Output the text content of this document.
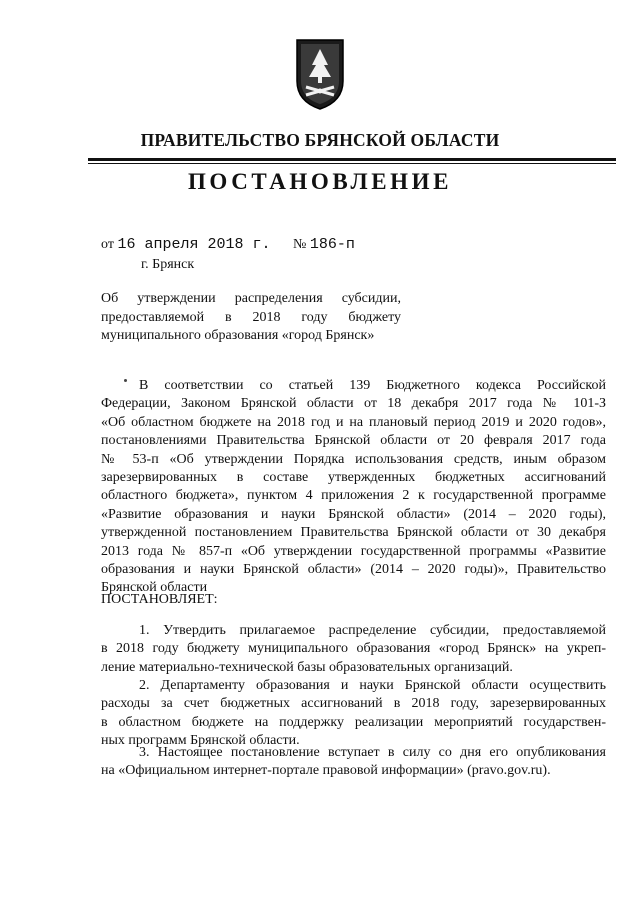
ПРАВИТЕЛЬСТВО БРЯНСКОЙ ОБЛАСТИ
ПОСТАНОВЛЕНИЕ
от 16 апреля 2018 г. № 186-п
г. Брянск
Об утверждении распределения субсидии,
предоставляемой в 2018 году бюджету
муниципального образования «город Брянск»
В соответствии со статьей 139 Бюджетного кодекса Российской
Федерации, Законом Брянской области от 18 декабря 2017 года № 101-З
«Об областном бюджете на 2018 год и на плановый период 2019 и 2020 годов»,
постановлениями Правительства Брянской области от 20 февраля 2017 года
№ 53-п «Об утверждении Порядка использования средств, иным образом
зарезервированных в составе утвержденных бюджетных ассигнований
областного бюджета», пунктом 4 приложения 2 к государственной программе
«Развитие образования и науки Брянской области» (2014 – 2020 годы),
утвержденной постановлением Правительства Брянской области от 30 декабря
2013 года № 857-п «Об утверждении государственной программы «Развитие
образования и науки Брянской области» (2014 – 2020 годы)», Правительство
Брянской области
ПОСТАНОВЛЯЕТ:
1. Утвердить прилагаемое распределение субсидии, предоставляемой
в 2018 году бюджету муниципального образования «город Брянск» на укреп-
ление материально-технической базы образовательных организаций.
2. Департаменту образования и науки Брянской области осуществить
расходы за счет бюджетных ассигнований в 2018 году, зарезервированных
в областном бюджете на поддержку реализации мероприятий государствен-
ных программ Брянской области.
3. Настоящее постановление вступает в силу со дня его опубликования
на «Официальном интернет-портале правовой информации» (pravo.gov.ru).
